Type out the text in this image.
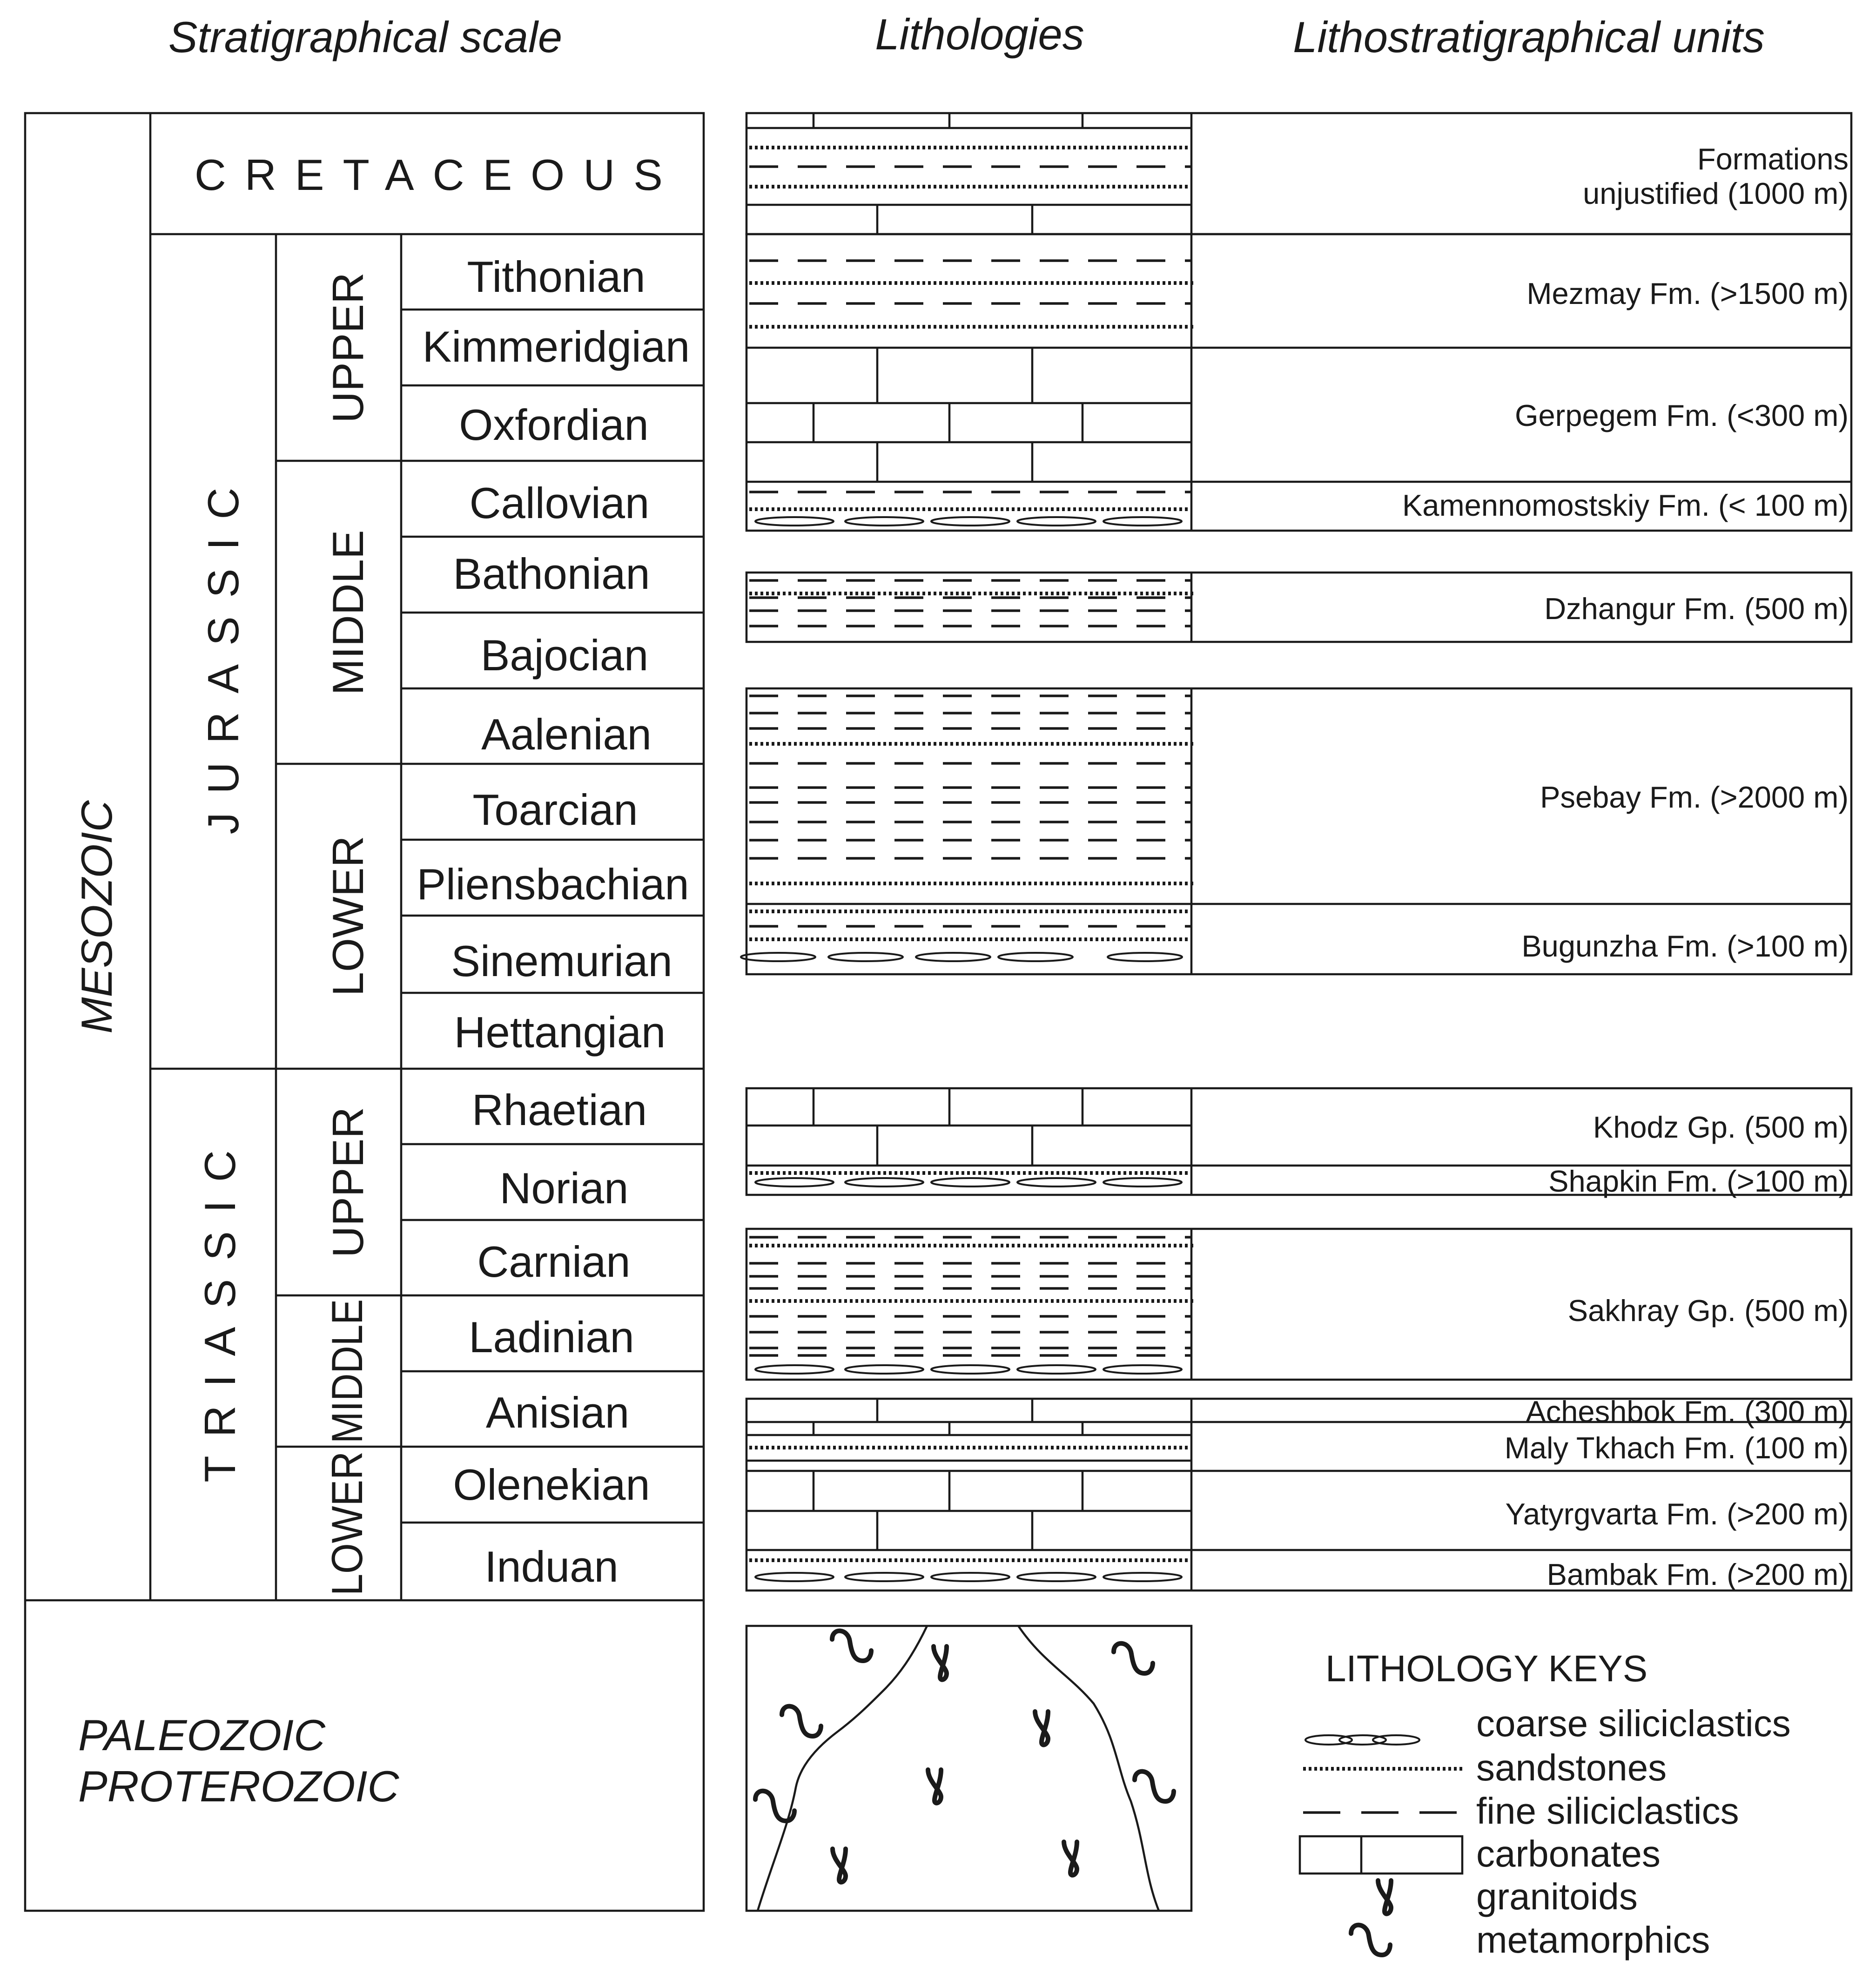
Stratigraphical scale	Lithologies	Lithostratigraphical units
MESOZOIC
PALEOZOIC
PROTEROZOIC
CRETACEOUS
JURASSIC
TRIASSIC
UPPER
MIDDLE
LOWER
UPPER
MIDDLE
LOWER
Tithonian
Kimmeridgian
Oxfordian
Callovian
Bathonian
Bajocian
Aalenian
Toarcian
Pliensbachian
Sinemurian
Hettangian
Rhaetian
Norian
Carnian
Ladinian
Anisian
Olenekian
Induan
Formations
unjustified (1000 m)
Mezmay Fm. (>1500 m)
Gerpegem Fm. (<300 m)
Kamennomostskiy Fm. (< 100 m)
Dzhangur Fm. (500 m)
Psebay Fm. (>2000 m)
Bugunzha Fm. (>100 m)
Khodz Gp. (500 m)
Shapkin Fm. (>100 m)
Sakhray Gp. (500 m)
Acheshbok Fm. (300 m)
Maly Tkhach Fm. (100 m)
Yatyrgvarta Fm. (>200 m)
Bambak Fm. (>200 m)
LITHOLOGY KEYS
coarse siliciclastics
sandstones
fine siliciclastics
carbonates
granitoids
metamorphics
